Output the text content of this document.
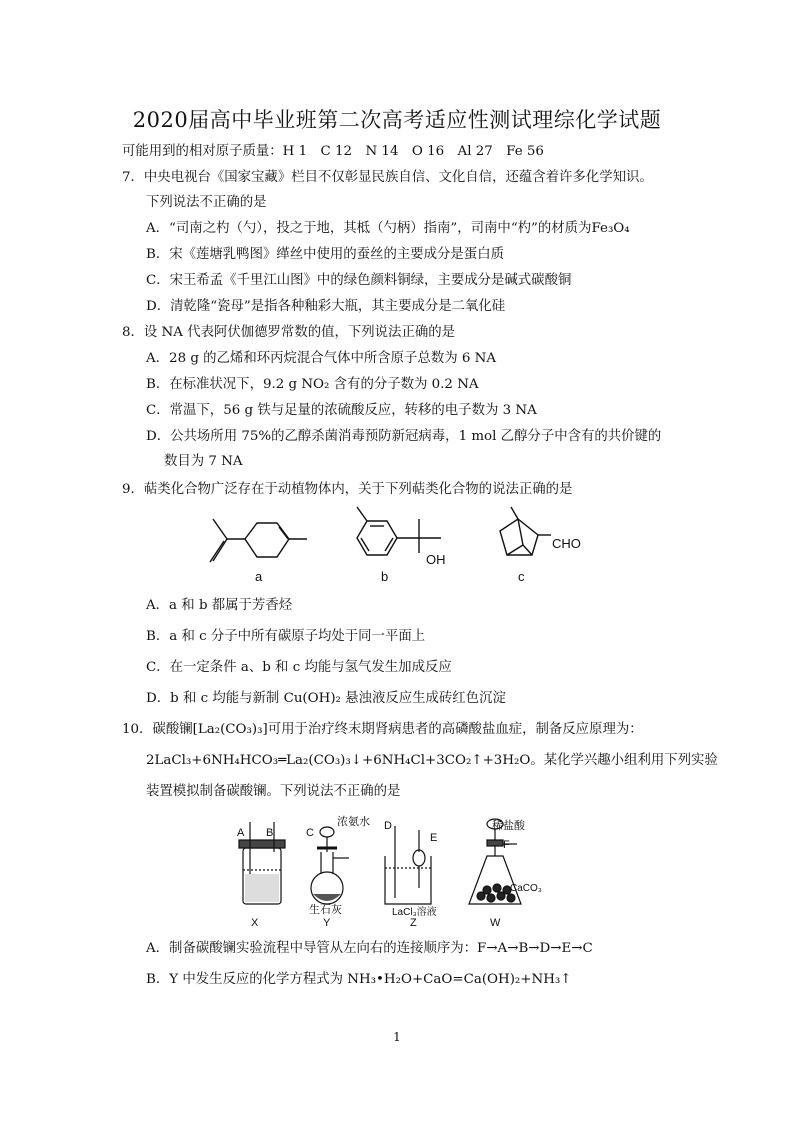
2020届高中毕业班第二次高考适应性测试理综化学试题
可能用到的相对原子质量：H 1　C 12　N 14　O 16　Al 27　Fe 56
7．中央电视台《国家宝藏》栏目不仅彰显民族自信、文化自信，还蕴含着许多化学知识。
下列说法不正确的是
A．“司南之杓（勺），投之于地，其柢（勺柄）指南”，司南中“杓”的材质为Fe₃O₄
B．宋《莲塘乳鸭图》缂丝中使用的蚕丝的主要成分是蛋白质
C．宋王希孟《千里江山图》中的绿色颜料铜绿，主要成分是碱式碳酸铜
D．清乾隆“瓷母”是指各种釉彩大瓶，其主要成分是二氧化硅
8．设 NA 代表阿伏伽德罗常数的值，下列说法正确的是
A．28 g 的乙烯和环丙烷混合气体中所含原子总数为 6 NA
B．在标准状况下，9.2 g NO₂ 含有的分子数为 0.2 NA
C．常温下，56 g 铁与足量的浓硫酸反应，转移的电子数为 3 NA
D．公共场所用 75%的乙醇杀菌消毒预防新冠病毒，1 mol 乙醇分子中含有的共价键的
数目为 7 NA
9．萜类化合物广泛存在于动植物体内，关于下列萜类化合物的说法正确的是
OH
CHO
a	b	c
A．a 和 b 都属于芳香烃
B．a 和 c 分子中所有碳原子均处于同一平面上
C．在一定条件 a、b 和 c 均能与氢气发生加成反应
D．b 和 c 均能与新制 Cu(OH)₂ 悬浊液反应生成砖红色沉淀
10．碳酸镧[La₂(CO₃)₃]可用于治疗终末期肾病患者的高磷酸盐血症，制备反应原理为：
2LaCl₃+6NH₄HCO₃═La₂(CO₃)₃↓+6NH₄Cl+3CO₂↑+3H₂O。某化学兴趣小组利用下列实验
装置模拟制备碳酸镧。下列说法不正确的是
A B	C
浓氨水 D
E
稀盐酸
F
CaCO₃
生石灰	LaCl₃溶液
X	Y	Z	W
A．制备碳酸镧实验流程中导管从左向右的连接顺序为：F→A→B→D→E→C
B．Y 中发生反应的化学方程式为 NH₃•H₂O+CaO=Ca(OH)₂+NH₃↑
1
